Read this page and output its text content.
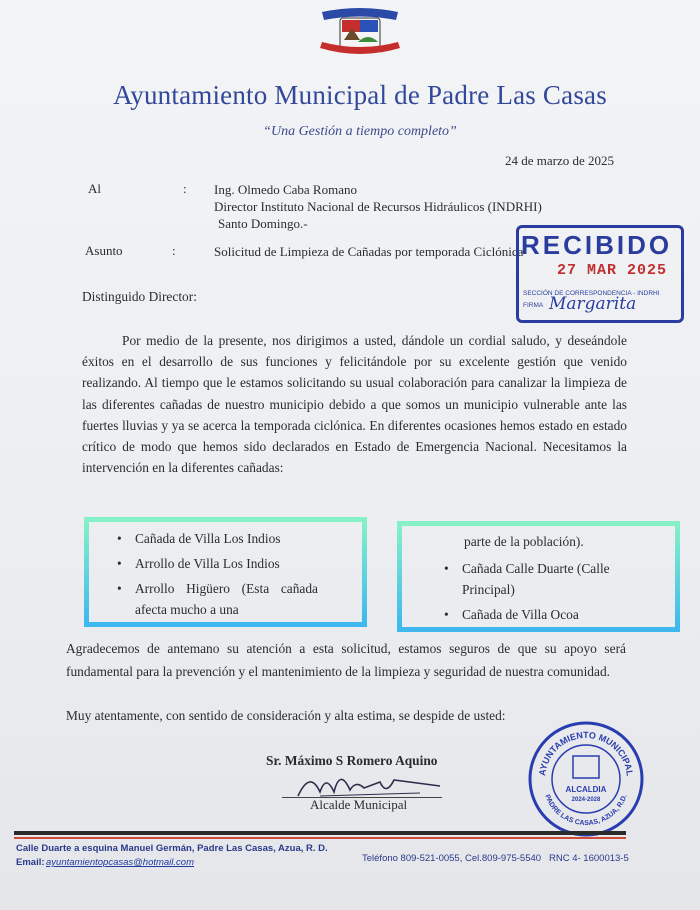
Ayuntamiento Municipal de Padre Las Casas
“Una Gestión a tiempo completo”
24 de marzo de 2025
Al	: Ing. Olmedo Caba Romano
Director Instituto Nacional de Recursos Hidráulicos (INDRHI)
Santo Domingo.-
Asunto	:	Solicitud de Limpieza de Cañadas por temporada Ciclónica
RECIBIDO
27 MAR 2025
SECCIÓN DE CORRESPONDENCIA - INDRHI
FIRMA Margarita
Distinguido Director:
Por medio de la presente, nos dirigimos a usted, dándole un cordial saludo, y deseándole éxitos en el desarrollo de sus funciones y felicitándole por su excelente gestión que venido realizando. Al tiempo que le estamos solicitando su usual colaboración para canalizar la limpieza de las diferentes cañadas de nuestro municipio debido a que somos un municipio vulnerable ante las fuertes lluvias y ya se acerca la temporada ciclónica. En diferentes ocasiones hemos estado en estado crítico de modo que hemos sido declarados en Estado de Emergencia Nacional. Necesitamos la intervención en la diferentes cañadas:
• Cañada de Villa Los Indios
• Arrollo de Villa Los Indios
• Arrollo Higüero (Esta cañada afecta mucho a una
parte de la población).
• Cañada Calle Duarte (Calle Principal)
• Cañada de Villa Ocoa
Agradecemos de antemano su atención a esta solicitud, estamos seguros de que su apoyo será fundamental para la prevención y el mantenimiento de la limpieza y seguridad de nuestra comunidad.
Muy atentamente, con sentido de consideración y alta estima, se despide de usted:
Sr. Máximo S Romero Aquino
Alcalde Municipal
AYUNTAMIENTO MUNICIPAL
PADRE LAS CASAS, AZUA, R.D.
ALCALDIA
2024-2028
Calle Duarte a esquina Manuel Germán, Padre Las Casas, Azua, R. D.
Email: ayuntamientopcasas@hotmail.com	Teléfono 809-521-0055, Cel.809-975-5540 RNC 4- 1600013-5
